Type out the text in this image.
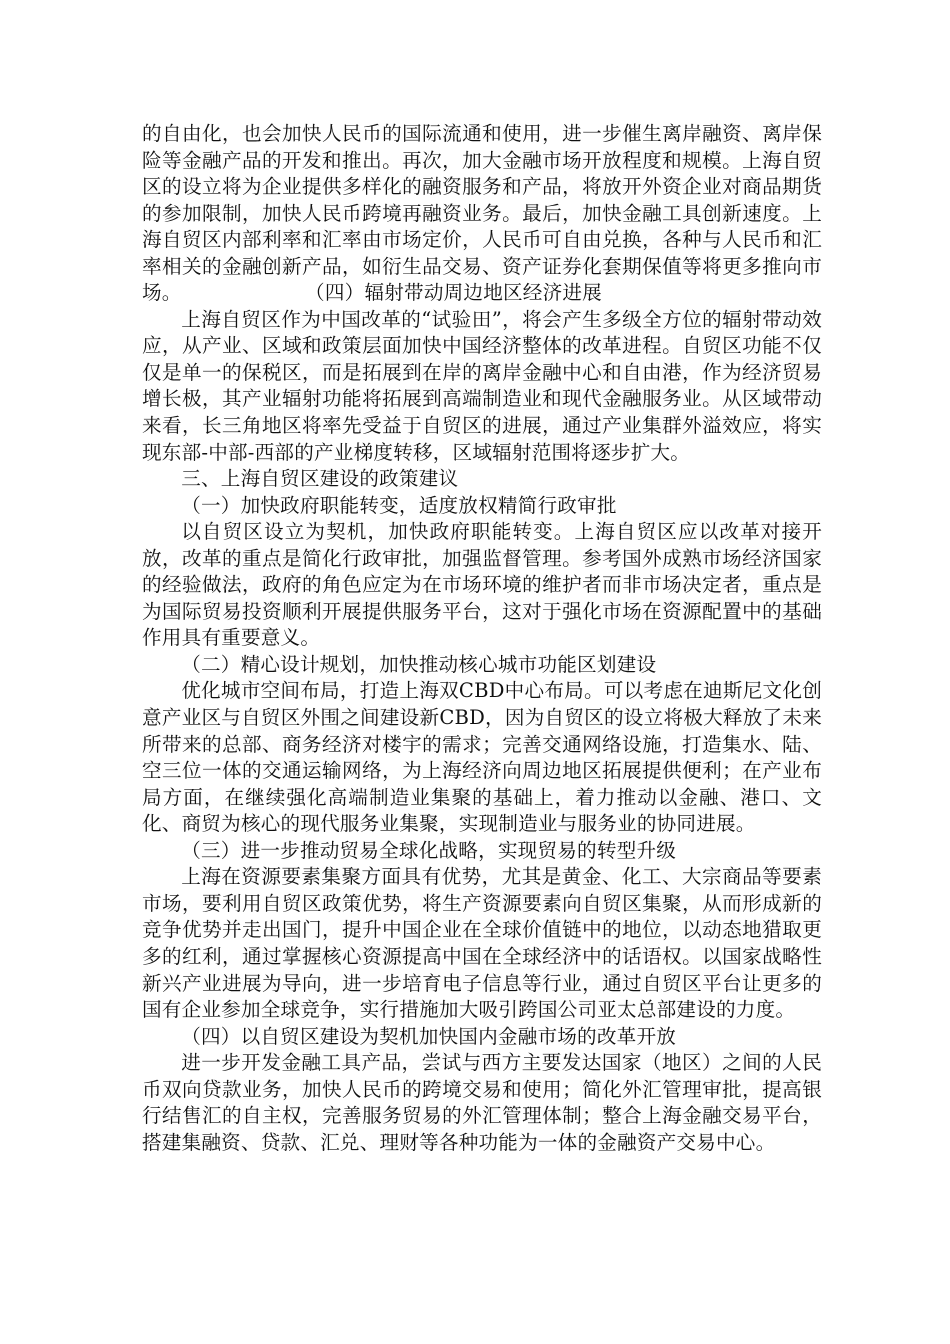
的自由化，也会加快人民币的国际流通和使用，进一步催生离岸融资、离岸保险等金融产品的开发和推出。再次，加大金融市场开放程度和规模。上海自贸区的设立将为企业提供多样化的融资服务和产品，将放开外资企业对商品期货的参加限制，加快人民币跨境再融资业务。最后，加快金融工具创新速度。上海自贸区内部利率和汇率由市场定价，人民币可自由兑换，各种与人民币和汇率相关的金融创新产品，如衍生品交易、资产证券化套期保值等将更多推向市场。	（四）辐射带动周边地区经济进展

上海自贸区作为中国改革的“试验田”，将会产生多级全方位的辐射带动效应，从产业、区域和政策层面加快中国经济整体的改革进程。自贸区功能不仅仅是单一的保税区，而是拓展到在岸的离岸金融中心和自由港，作为经济贸易增长极，其产业辐射功能将拓展到高端制造业和现代金融服务业。从区域带动来看，长三角地区将率先受益于自贸区的进展，通过产业集群外溢效应，将实现东部-中部-西部的产业梯度转移，区域辐射范围将逐步扩大。

三、上海自贸区建设的政策建议

（一）加快政府职能转变，适度放权精简行政审批

以自贸区设立为契机，加快政府职能转变。上海自贸区应以改革对接开放，改革的重点是简化行政审批，加强监督管理。参考国外成熟市场经济国家的经验做法，政府的角色应定为在市场环境的维护者而非市场决定者，重点是为国际贸易投资顺利开展提供服务平台，这对于强化市场在资源配置中的基础作用具有重要意义。

（二）精心设计规划，加快推动核心城市功能区划建设

优化城市空间布局，打造上海双CBD中心布局。可以考虑在迪斯尼文化创意产业区与自贸区外围之间建设新CBD，因为自贸区的设立将极大释放了未来所带来的总部、商务经济对楼宇的需求；完善交通网络设施，打造集水、陆、空三位一体的交通运输网络，为上海经济向周边地区拓展提供便利；在产业布局方面，在继续强化高端制造业集聚的基础上，着力推动以金融、港口、文化、商贸为核心的现代服务业集聚，实现制造业与服务业的协同进展。

（三）进一步推动贸易全球化战略，实现贸易的转型升级

上海在资源要素集聚方面具有优势，尤其是黄金、化工、大宗商品等要素市场，要利用自贸区政策优势，将生产资源要素向自贸区集聚，从而形成新的竞争优势并走出国门，提升中国企业在全球价值链中的地位，以动态地猎取更多的红利，通过掌握核心资源提高中国在全球经济中的话语权。以国家战略性新兴产业进展为导向，进一步培育电子信息等行业，通过自贸区平台让更多的国有企业参加全球竞争，实行措施加大吸引跨国公司亚太总部建设的力度。

（四）以自贸区建设为契机加快国内金融市场的改革开放

进一步开发金融工具产品，尝试与西方主要发达国家（地区）之间的人民币双向贷款业务，加快人民币的跨境交易和使用；简化外汇管理审批，提高银行结售汇的自主权，完善服务贸易的外汇管理体制；整合上海金融交易平台，搭建集融资、贷款、汇兑、理财等各种功能为一体的金融资产交易中心。
